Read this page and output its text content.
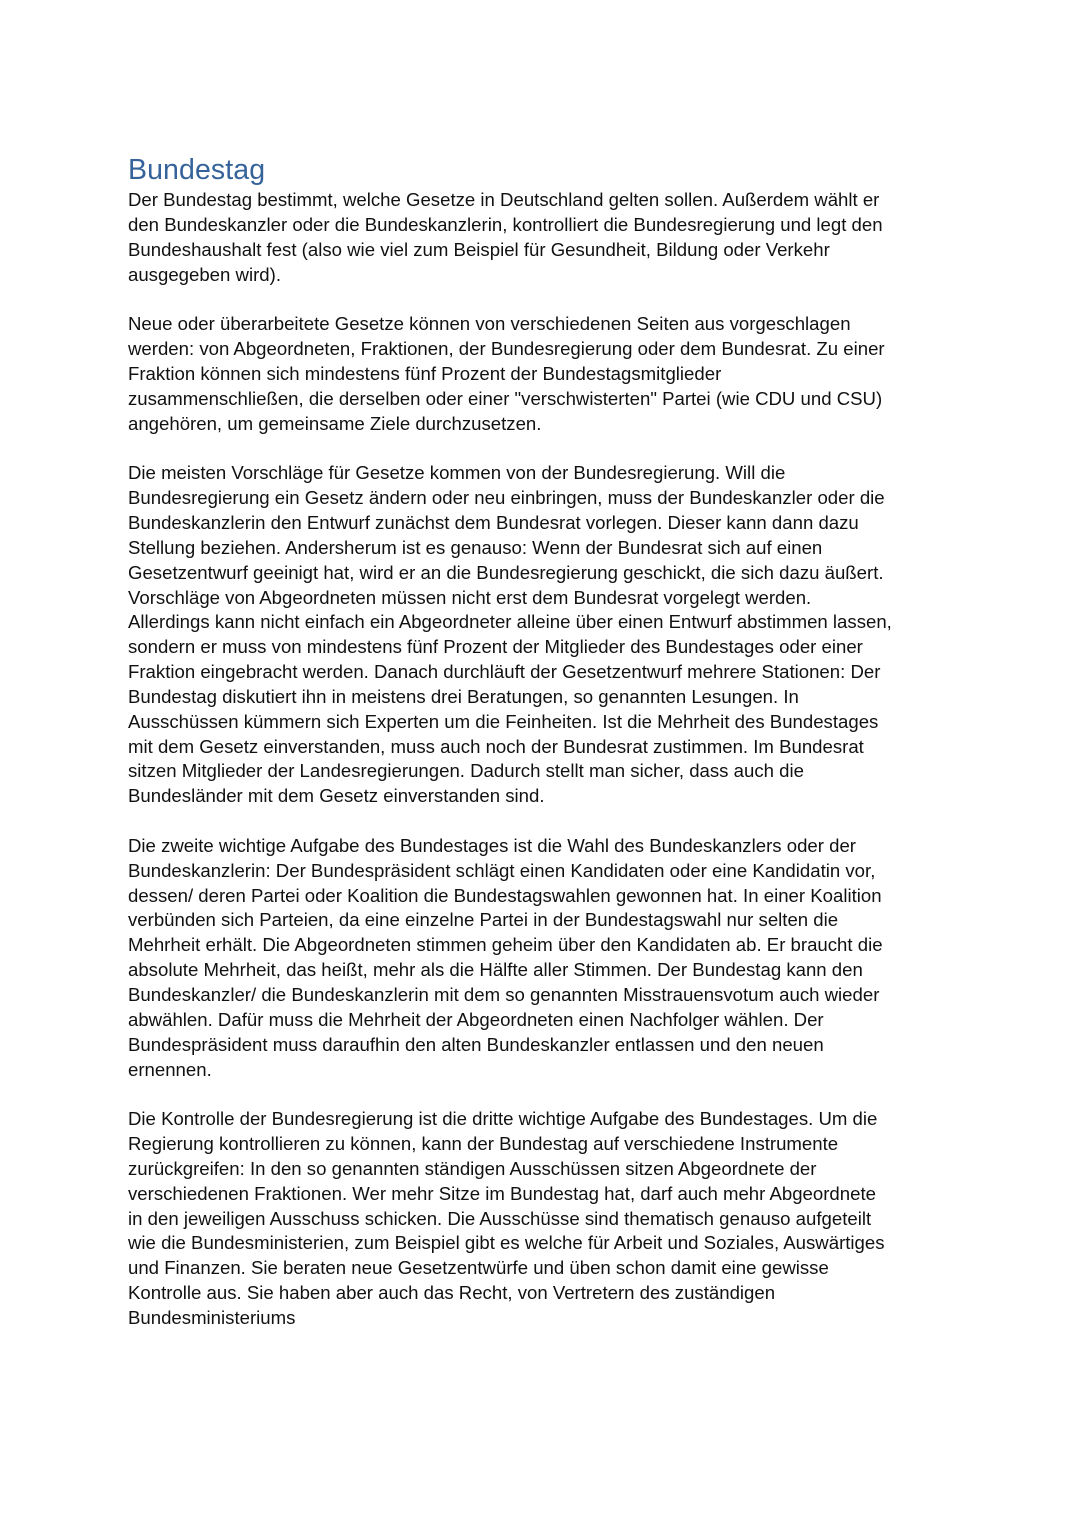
Bundestag

Der Bundestag bestimmt, welche Gesetze in Deutschland gelten sollen. Außerdem wählt er
den Bundeskanzler oder die Bundeskanzlerin, kontrolliert die Bundesregierung und legt den
Bundeshaushalt fest (also wie viel zum Beispiel für Gesundheit, Bildung oder Verkehr
ausgegeben wird).

Neue oder überarbeitete Gesetze können von verschiedenen Seiten aus vorgeschlagen
werden: von Abgeordneten, Fraktionen, der Bundesregierung oder dem Bundesrat. Zu einer
Fraktion können sich mindestens fünf Prozent der Bundestagsmitglieder
zusammenschließen, die derselben oder einer "verschwisterten" Partei (wie CDU und CSU)
angehören, um gemeinsame Ziele durchzusetzen.

Die meisten Vorschläge für Gesetze kommen von der Bundesregierung. Will die
Bundesregierung ein Gesetz ändern oder neu einbringen, muss der Bundeskanzler oder die
Bundeskanzlerin den Entwurf zunächst dem Bundesrat vorlegen. Dieser kann dann dazu
Stellung beziehen. Andersherum ist es genauso: Wenn der Bundesrat sich auf einen
Gesetzentwurf geeinigt hat, wird er an die Bundesregierung geschickt, die sich dazu äußert.
Vorschläge von Abgeordneten müssen nicht erst dem Bundesrat vorgelegt werden.
Allerdings kann nicht einfach ein Abgeordneter alleine über einen Entwurf abstimmen lassen,
sondern er muss von mindestens fünf Prozent der Mitglieder des Bundestages oder einer
Fraktion eingebracht werden. Danach durchläuft der Gesetzentwurf mehrere Stationen: Der
Bundestag diskutiert ihn in meistens drei Beratungen, so genannten Lesungen. In
Ausschüssen kümmern sich Experten um die Feinheiten. Ist die Mehrheit des Bundestages
mit dem Gesetz einverstanden, muss auch noch der Bundesrat zustimmen. Im Bundesrat
sitzen Mitglieder der Landesregierungen. Dadurch stellt man sicher, dass auch die
Bundesländer mit dem Gesetz einverstanden sind.

Die zweite wichtige Aufgabe des Bundestages ist die Wahl des Bundeskanzlers oder der
Bundeskanzlerin: Der Bundespräsident schlägt einen Kandidaten oder eine Kandidatin vor,
dessen/ deren Partei oder Koalition die Bundestagswahlen gewonnen hat. In einer Koalition
verbünden sich Parteien, da eine einzelne Partei in der Bundestagswahl nur selten die
Mehrheit erhält. Die Abgeordneten stimmen geheim über den Kandidaten ab. Er braucht die
absolute Mehrheit, das heißt, mehr als die Hälfte aller Stimmen. Der Bundestag kann den
Bundeskanzler/ die Bundeskanzlerin mit dem so genannten Misstrauensvotum auch wieder
abwählen. Dafür muss die Mehrheit der Abgeordneten einen Nachfolger wählen. Der
Bundespräsident muss daraufhin den alten Bundeskanzler entlassen und den neuen
ernennen.

Die Kontrolle der Bundesregierung ist die dritte wichtige Aufgabe des Bundestages. Um die
Regierung kontrollieren zu können, kann der Bundestag auf verschiedene Instrumente
zurückgreifen: In den so genannten ständigen Ausschüssen sitzen Abgeordnete der
verschiedenen Fraktionen. Wer mehr Sitze im Bundestag hat, darf auch mehr Abgeordnete
in den jeweiligen Ausschuss schicken. Die Ausschüsse sind thematisch genauso aufgeteilt
wie die Bundesministerien, zum Beispiel gibt es welche für Arbeit und Soziales, Auswärtiges
und Finanzen. Sie beraten neue Gesetzentwürfe und üben schon damit eine gewisse
Kontrolle aus. Sie haben aber auch das Recht, von Vertretern des zuständigen
Bundesministeriums
